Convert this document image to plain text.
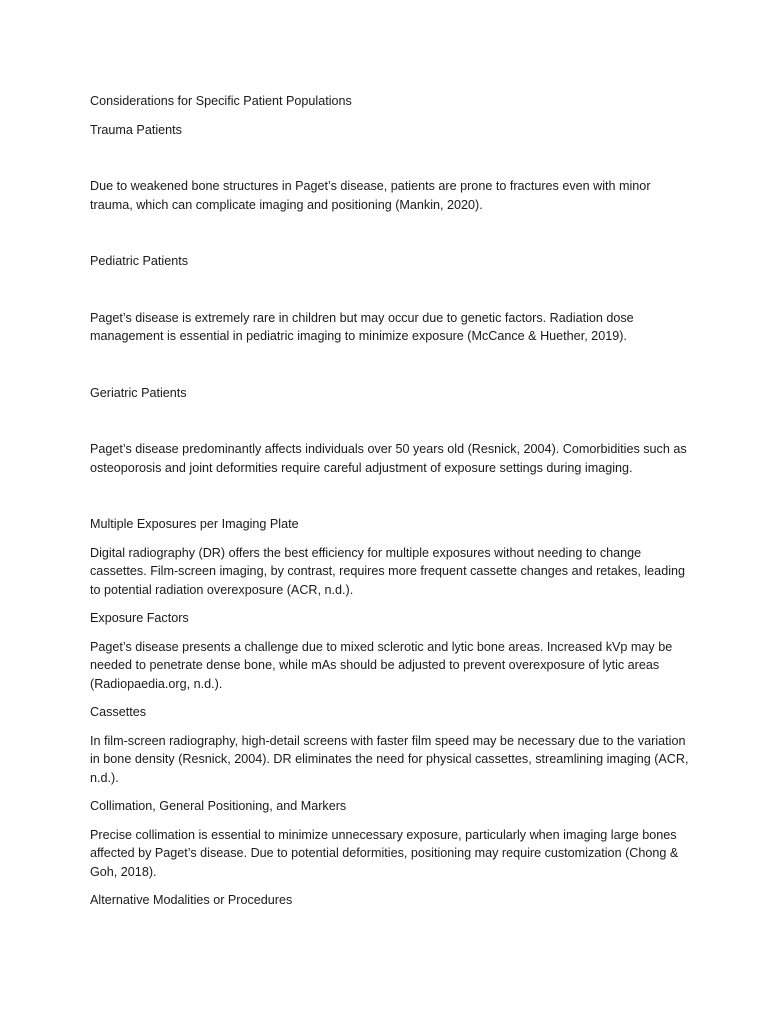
Considerations for Specific Patient Populations

Trauma Patients

Due to weakened bone structures in Paget’s disease, patients are prone to fractures even with minor trauma, which can complicate imaging and positioning (Mankin, 2020).

Pediatric Patients

Paget’s disease is extremely rare in children but may occur due to genetic factors. Radiation dose management is essential in pediatric imaging to minimize exposure (McCance & Huether, 2019).

Geriatric Patients

Paget’s disease predominantly affects individuals over 50 years old (Resnick, 2004). Comorbidities such as osteoporosis and joint deformities require careful adjustment of exposure settings during imaging.

Multiple Exposures per Imaging Plate

Digital radiography (DR) offers the best efficiency for multiple exposures without needing to change cassettes. Film-screen imaging, by contrast, requires more frequent cassette changes and retakes, leading to potential radiation overexposure (ACR, n.d.).

Exposure Factors

Paget’s disease presents a challenge due to mixed sclerotic and lytic bone areas. Increased kVp may be needed to penetrate dense bone, while mAs should be adjusted to prevent overexposure of lytic areas (Radiopaedia.org, n.d.).

Cassettes

In film-screen radiography, high-detail screens with faster film speed may be necessary due to the variation in bone density (Resnick, 2004). DR eliminates the need for physical cassettes, streamlining imaging (ACR, n.d.).

Collimation, General Positioning, and Markers

Precise collimation is essential to minimize unnecessary exposure, particularly when imaging large bones affected by Paget’s disease. Due to potential deformities, positioning may require customization (Chong & Goh, 2018).

Alternative Modalities or Procedures
